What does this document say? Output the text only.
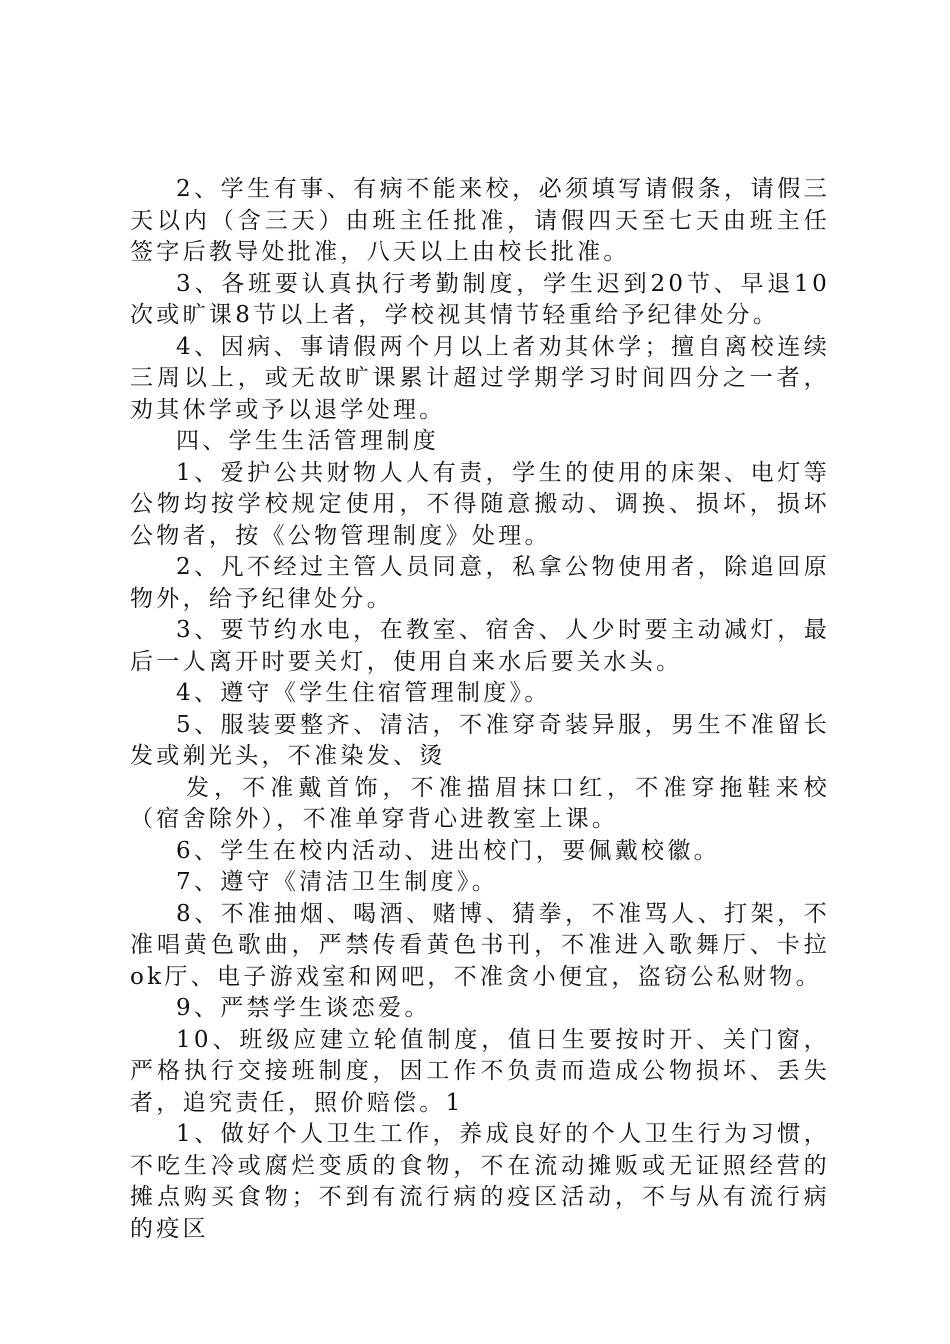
2、学生有事、有病不能来校，必须填写请假条，请假三天以内（含三天）由班主任批准，请假四天至七天由班主任签字后教导处批准，八天以上由校长批准。

3、各班要认真执行考勤制度，学生迟到20节、早退10次或旷课8节以上者，学校视其情节轻重给予纪律处分。

4、因病、事请假两个月以上者劝其休学；擅自离校连续三周以上，或无故旷课累计超过学期学习时间四分之一者，劝其休学或予以退学处理。

四、学生生活管理制度

1、爱护公共财物人人有责，学生的使用的床架、电灯等公物均按学校规定使用，不得随意搬动、调换、损坏，损坏公物者，按《公物管理制度》处理。

2、凡不经过主管人员同意，私拿公物使用者，除追回原物外，给予纪律处分。

3、要节约水电，在教室、宿舍、人少时要主动减灯，最后一人离开时要关灯，使用自来水后要关水头。

4、遵守《学生住宿管理制度》。

5、服装要整齐、清洁，不准穿奇装异服，男生不准留长发或剃光头，不准染发、烫

发，不准戴首饰，不准描眉抹口红，不准穿拖鞋来校（宿舍除外），不准单穿背心进教室上课。

6、学生在校内活动、进出校门，要佩戴校徽。

7、遵守《清洁卫生制度》。

8、不准抽烟、喝酒、赌博、猜拳，不准骂人、打架，不准唱黄色歌曲，严禁传看黄色书刊，不准进入歌舞厅、卡拉ok厅、电子游戏室和网吧，不准贪小便宜，盗窃公私财物。

9、严禁学生谈恋爱。

10、班级应建立轮值制度，值日生要按时开、关门窗，严格执行交接班制度，因工作不负责而造成公物损坏、丢失者，追究责任，照价赔偿。1

1、做好个人卫生工作，养成良好的个人卫生行为习惯，不吃生冷或腐烂变质的食物，不在流动摊贩或无证照经营的摊点购买食物；不到有流行病的疫区活动，不与从有流行病的疫区
